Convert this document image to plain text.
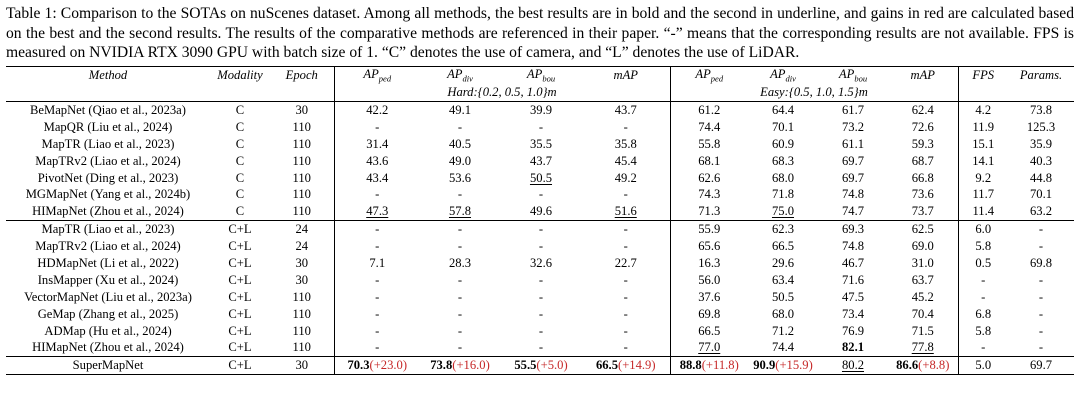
Table 1: Comparison to the SOTAs on nuScenes dataset. Among all methods, the best results are in bold and the second in underline, and gains in red are calculated based on the best and the second results. The results of the comparative methods are referenced in their paper. “-” means that the corresponding results are not available. FPS is measured on NVIDIA RTX 3090 GPU with batch size of 1. “C” denotes the use of camera, and “L” denotes the use of LiDAR.
Method	Modality	Epoch	$AP_{ped}$	$AP_{div}$	$AP_{bou}$	mAP	$AP_{ped}$	$AP_{div}$	$AP_{bou}$	mAP	FPS	Params.
			Hard:{0.2, 0.5, 1.0}m				Easy:{0.5, 1.0, 1.5}m					
BeMapNet (Qiao et al., 2023a)	C	30	42.2	49.1	39.9	43.7	61.2	64.4	61.7	62.4	4.2	73.8
MapQR (Liu et al., 2024)	C	110	-	-	-	-	74.4	70.1	73.2	72.6	11.9	125.3
MapTR (Liao et al., 2023)	C	110	31.4	40.5	35.5	35.8	55.8	60.9	61.1	59.3	15.1	35.9
MapTRv2 (Liao et al., 2024)	C	110	43.6	49.0	43.7	45.4	68.1	68.3	69.7	68.7	14.1	40.3
PivotNet (Ding et al., 2023)	C	110	43.4	53.6	50.5	49.2	62.6	68.0	69.7	66.8	9.2	44.8
MGMapNet (Yang et al., 2024b)	C	110	-	-	-	-	74.3	71.8	74.8	73.6	11.7	70.1
HIMapNet (Zhou et al., 2024)	C	110	47.3	57.8	49.6	51.6	71.3	75.0	74.7	73.7	11.4	63.2
MapTR (Liao et al., 2023)	C+L	24	-	-	-	-	55.9	62.3	69.3	62.5	6.0	-
MapTRv2 (Liao et al., 2024)	C+L	24	-	-	-	-	65.6	66.5	74.8	69.0	5.8	-
HDMapNet (Li et al., 2022)	C+L	30	7.1	28.3	32.6	22.7	16.3	29.6	46.7	31.0	0.5	69.8
InsMapper (Xu et al., 2024)	C+L	30	-	-	-	-	56.0	63.4	71.6	63.7	-	-
VectorMapNet (Liu et al., 2023a)	C+L	110	-	-	-	-	37.6	50.5	47.5	45.2	-	-
GeMap (Zhang et al., 2025)	C+L	110	-	-	-	-	69.8	68.0	73.4	70.4	6.8	-
ADMap (Hu et al., 2024)	C+L	110	-	-	-	-	66.5	71.2	76.9	71.5	5.8	-
HIMapNet (Zhou et al., 2024)	C+L	110	-	-	-	-	77.0	74.4	82.1	77.8	-	-
SuperMapNet	C+L	30	70.3(+23.0)	73.8(+16.0)	55.5(+5.0)	66.5(+14.9)	88.8(+11.8)	90.9(+15.9)	80.2	86.6(+8.8)	5.0	69.7
